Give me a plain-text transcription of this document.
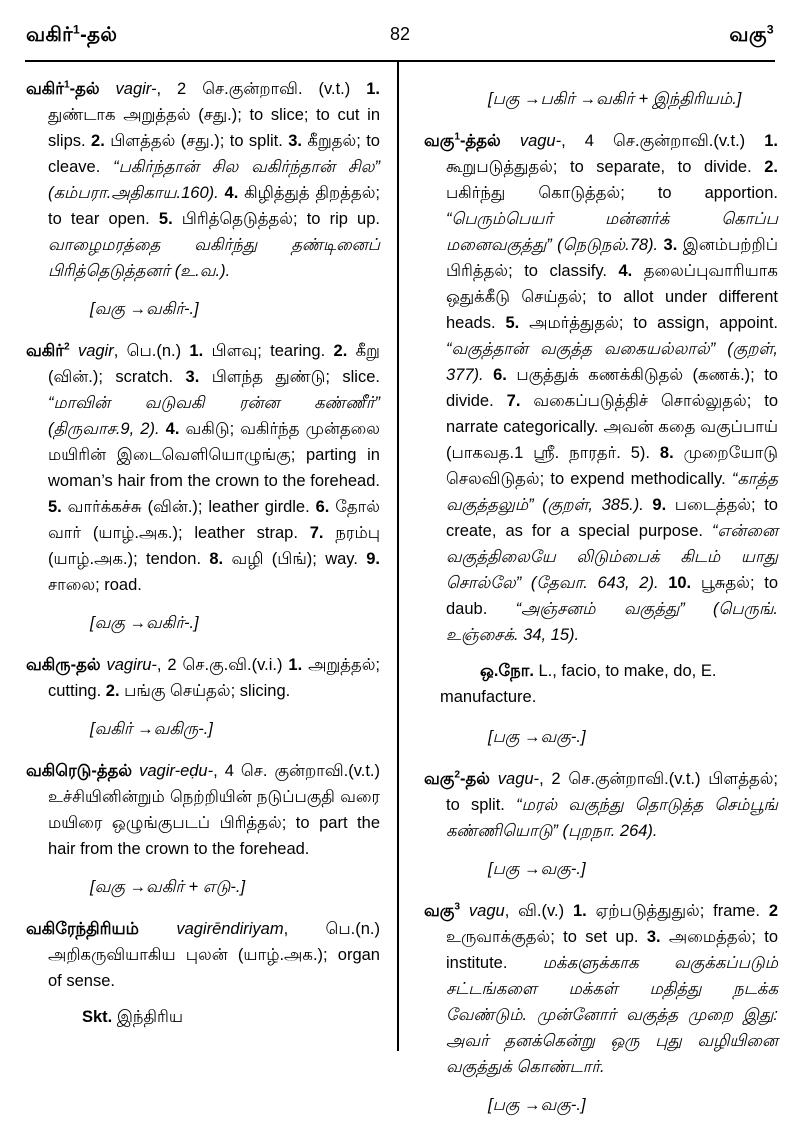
வகிர்$^1$-தல்	82	வகு$^3$

வகிர்$^1$-தல் vagir-, 2 செ.குன்றாவி. (v.t.) 1. துண்டாக அறுத்தல் (சது.); to slice; to cut in slips. 2. பிளத்தல் (சது.); to split. 3. கீறுதல்; to cleave. “பகிர்ந்தான் சில வகிர்ந்தான் சில” (கம்பரா.அதிகாய.160). 4. கிழித்துத் திறத்தல்; to tear open. 5. பிரித்தெடுத்தல்; to rip up. வாழைமரத்தை வகிர்ந்து தண்டினைப் பிரித்தெடுத்தனர் (உ.வ.).

[வகு →வகிர்-.]

வகிர்$^2$ vagir, பெ.(n.) 1. பிளவு; tearing. 2. கீறு (வின்.); scratch. 3. பிளந்த துண்டு; slice. “மாவின் வடுவகி ரன்ன கண்ணீர்” (திருவாச.9, 2). 4. வகிடு; வகிர்ந்த முன்தலை மயிரின் இடைவெளியொழுங்கு; parting in woman’s hair from the crown to the forehead. 5. வார்க்கச்சு (வின்.); leather girdle. 6. தோல் வார் (யாழ்.அக.); leather strap. 7. நரம்பு (யாழ்.அக.); tendon. 8. வழி (பிங்); way. 9. சாலை; road.

[வகு →வகிர்-.]

வகிரு-தல் vagiru-, 2 செ.கு.வி.(v.i.) 1. அறுத்தல்; cutting. 2. பங்கு செய்தல்; slicing.

[வகிர் →வகிரு-.]

வகிரெடு-த்தல் vagir-eḍu-, 4 செ. குன்றாவி.(v.t.) உச்சியினின்றும் நெற்றியின் நடுப்பகுதி வரை மயிரை ஒழுங்குபடப் பிரித்தல்; to part the hair from the crown to the forehead.

[வகு →வகிர் + எடு-.]

வகிரேந்திரியம் vagirēndiriyam, பெ.(n.) அறிகருவியாகிய புலன் (யாழ்.அக.); organ of sense.

Skt. இந்திரிய

[பகு →பகிர் →வகிர் + இந்திரியம்.]

வகு$^1$-த்தல் vagu-, 4 செ.குன்றாவி.(v.t.) 1. கூறுபடுத்துதல்; to separate, to divide. 2. பகிர்ந்து கொடுத்தல்; to apportion. “பெரும்பெயர் மன்னர்க் கொப்ப மனைவகுத்து” (நெடுநல்.78). 3. இனம்பற்றிப் பிரித்தல்; to classify. 4. தலைப்புவாரியாக ஒதுக்கீடு செய்தல்; to allot under different heads. 5. அமர்த்துதல்; to assign, appoint. “வகுத்தான் வகுத்த வகையல்லால்” (குறள், 377). 6. பகுத்துக் கணக்கிடுதல் (கணக்.); to divide. 7. வகைப்படுத்திச் சொல்லுதல்; to narrate categorically. அவன் கதை வகுப்பாய் (பாகவத.1 ஸ்ரீ. நாரதர். 5). 8. முறையோடு செலவிடுதல்; to expend methodically. “காத்த வகுத்தலும்” (குறள், 385.). 9. படைத்தல்; to create, as for a special purpose. “என்னை வகுத்திலையே லிடும்பைக் கிடம் யாது சொல்லே” (தேவா. 643, 2). 10. பூசுதல்; to daub. “அஞ்சனம் வகுத்து” (பெருங். உஞ்சைக். 34, 15).

ஒ.நோ. L., facio, to make, do, E. manufacture.

[பகு →வகு-.]

வகு$^2$-தல் vagu-, 2 செ.குன்றாவி.(v.t.) பிளத்தல்; to split. “மரல் வகுந்து தொடுத்த செம்பூங் கண்ணியொடு” (புறநா. 264).

[பகு →வகு-.]

வகு$^3$ vagu, வி.(v.) 1. ஏற்படுத்துதுல்; frame. 2 உருவாக்குதல்; to set up. 3. அமைத்தல்; to institute. மக்களுக்காக வகுக்கப்படும் சட்டங்களை மக்கள் மதித்து நடக்க வேண்டும். முன்னோர் வகுத்த முறை இது: அவர் தனக்கென்று ஒரு புது வழியினை வகுத்துக் கொண்டார்.

[பகு →வகு-.]
